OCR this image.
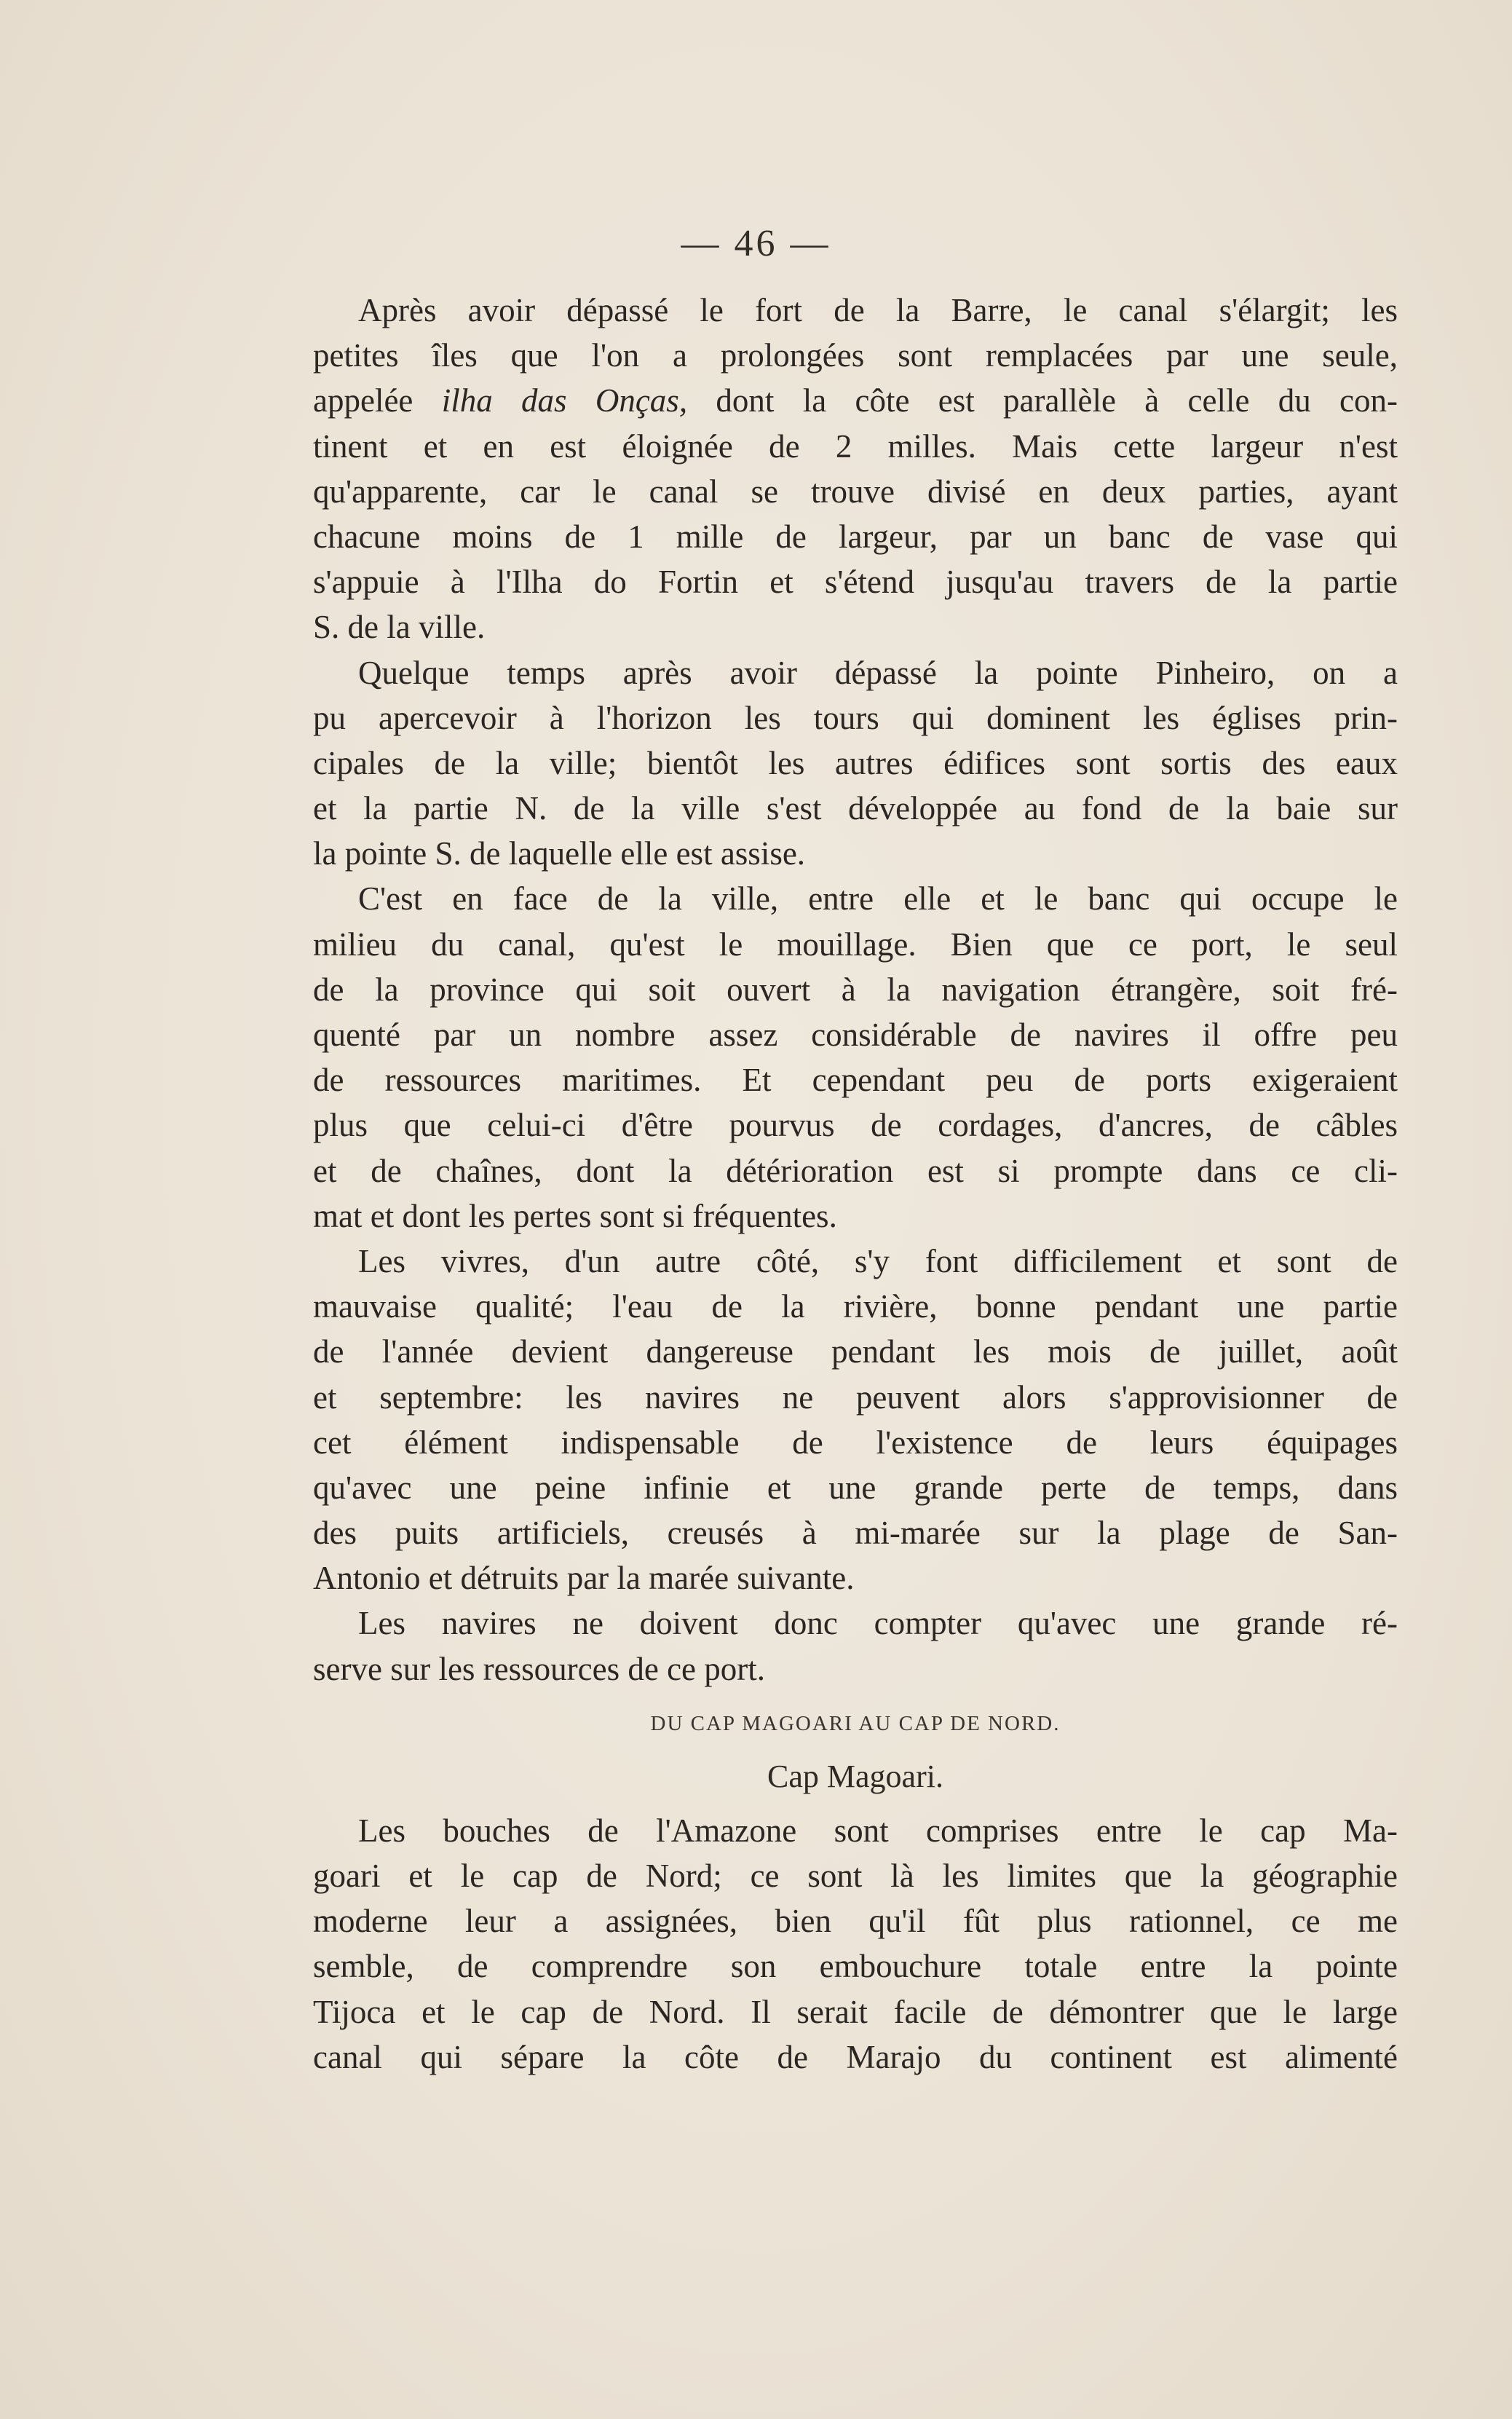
— 46 —
Après avoir dépassé le fort de la Barre, le canal s'élargit; les
petites îles que l'on a prolongées sont remplacées par une seule,
appelée ilha das Onças, dont la côte est parallèle à celle du con-
tinent et en est éloignée de 2 milles. Mais cette largeur n'est
qu'apparente, car le canal se trouve divisé en deux parties, ayant
chacune moins de 1 mille de largeur, par un banc de vase qui
s'appuie à l'Ilha do Fortin et s'étend jusqu'au travers de la partie
S. de la ville.
Quelque temps après avoir dépassé la pointe Pinheiro, on a
pu apercevoir à l'horizon les tours qui dominent les églises prin-
cipales de la ville; bientôt les autres édifices sont sortis des eaux
et la partie N. de la ville s'est développée au fond de la baie sur
la pointe S. de laquelle elle est assise.
C'est en face de la ville, entre elle et le banc qui occupe le
milieu du canal, qu'est le mouillage. Bien que ce port, le seul
de la province qui soit ouvert à la navigation étrangère, soit fré-
quenté par un nombre assez considérable de navires il offre peu
de ressources maritimes. Et cependant peu de ports exigeraient
plus que celui-ci d'être pourvus de cordages, d'ancres, de câbles
et de chaînes, dont la détérioration est si prompte dans ce cli-
mat et dont les pertes sont si fréquentes.
Les vivres, d'un autre côté, s'y font difficilement et sont de
mauvaise qualité; l'eau de la rivière, bonne pendant une partie
de l'année devient dangereuse pendant les mois de juillet, août
et septembre: les navires ne peuvent alors s'approvisionner de
cet élément indispensable de l'existence de leurs équipages
qu'avec une peine infinie et une grande perte de temps, dans
des puits artificiels, creusés à mi-marée sur la plage de San-
Antonio et détruits par la marée suivante.
Les navires ne doivent donc compter qu'avec une grande ré-
serve sur les ressources de ce port.
DU CAP MAGOARI AU CAP DE NORD.
Cap Magoari.
Les bouches de l'Amazone sont comprises entre le cap Ma-
goari et le cap de Nord; ce sont là les limites que la géographie
moderne leur a assignées, bien qu'il fût plus rationnel, ce me
semble, de comprendre son embouchure totale entre la pointe
Tijoca et le cap de Nord. Il serait facile de démontrer que le large
canal qui sépare la côte de Marajo du continent est alimenté
